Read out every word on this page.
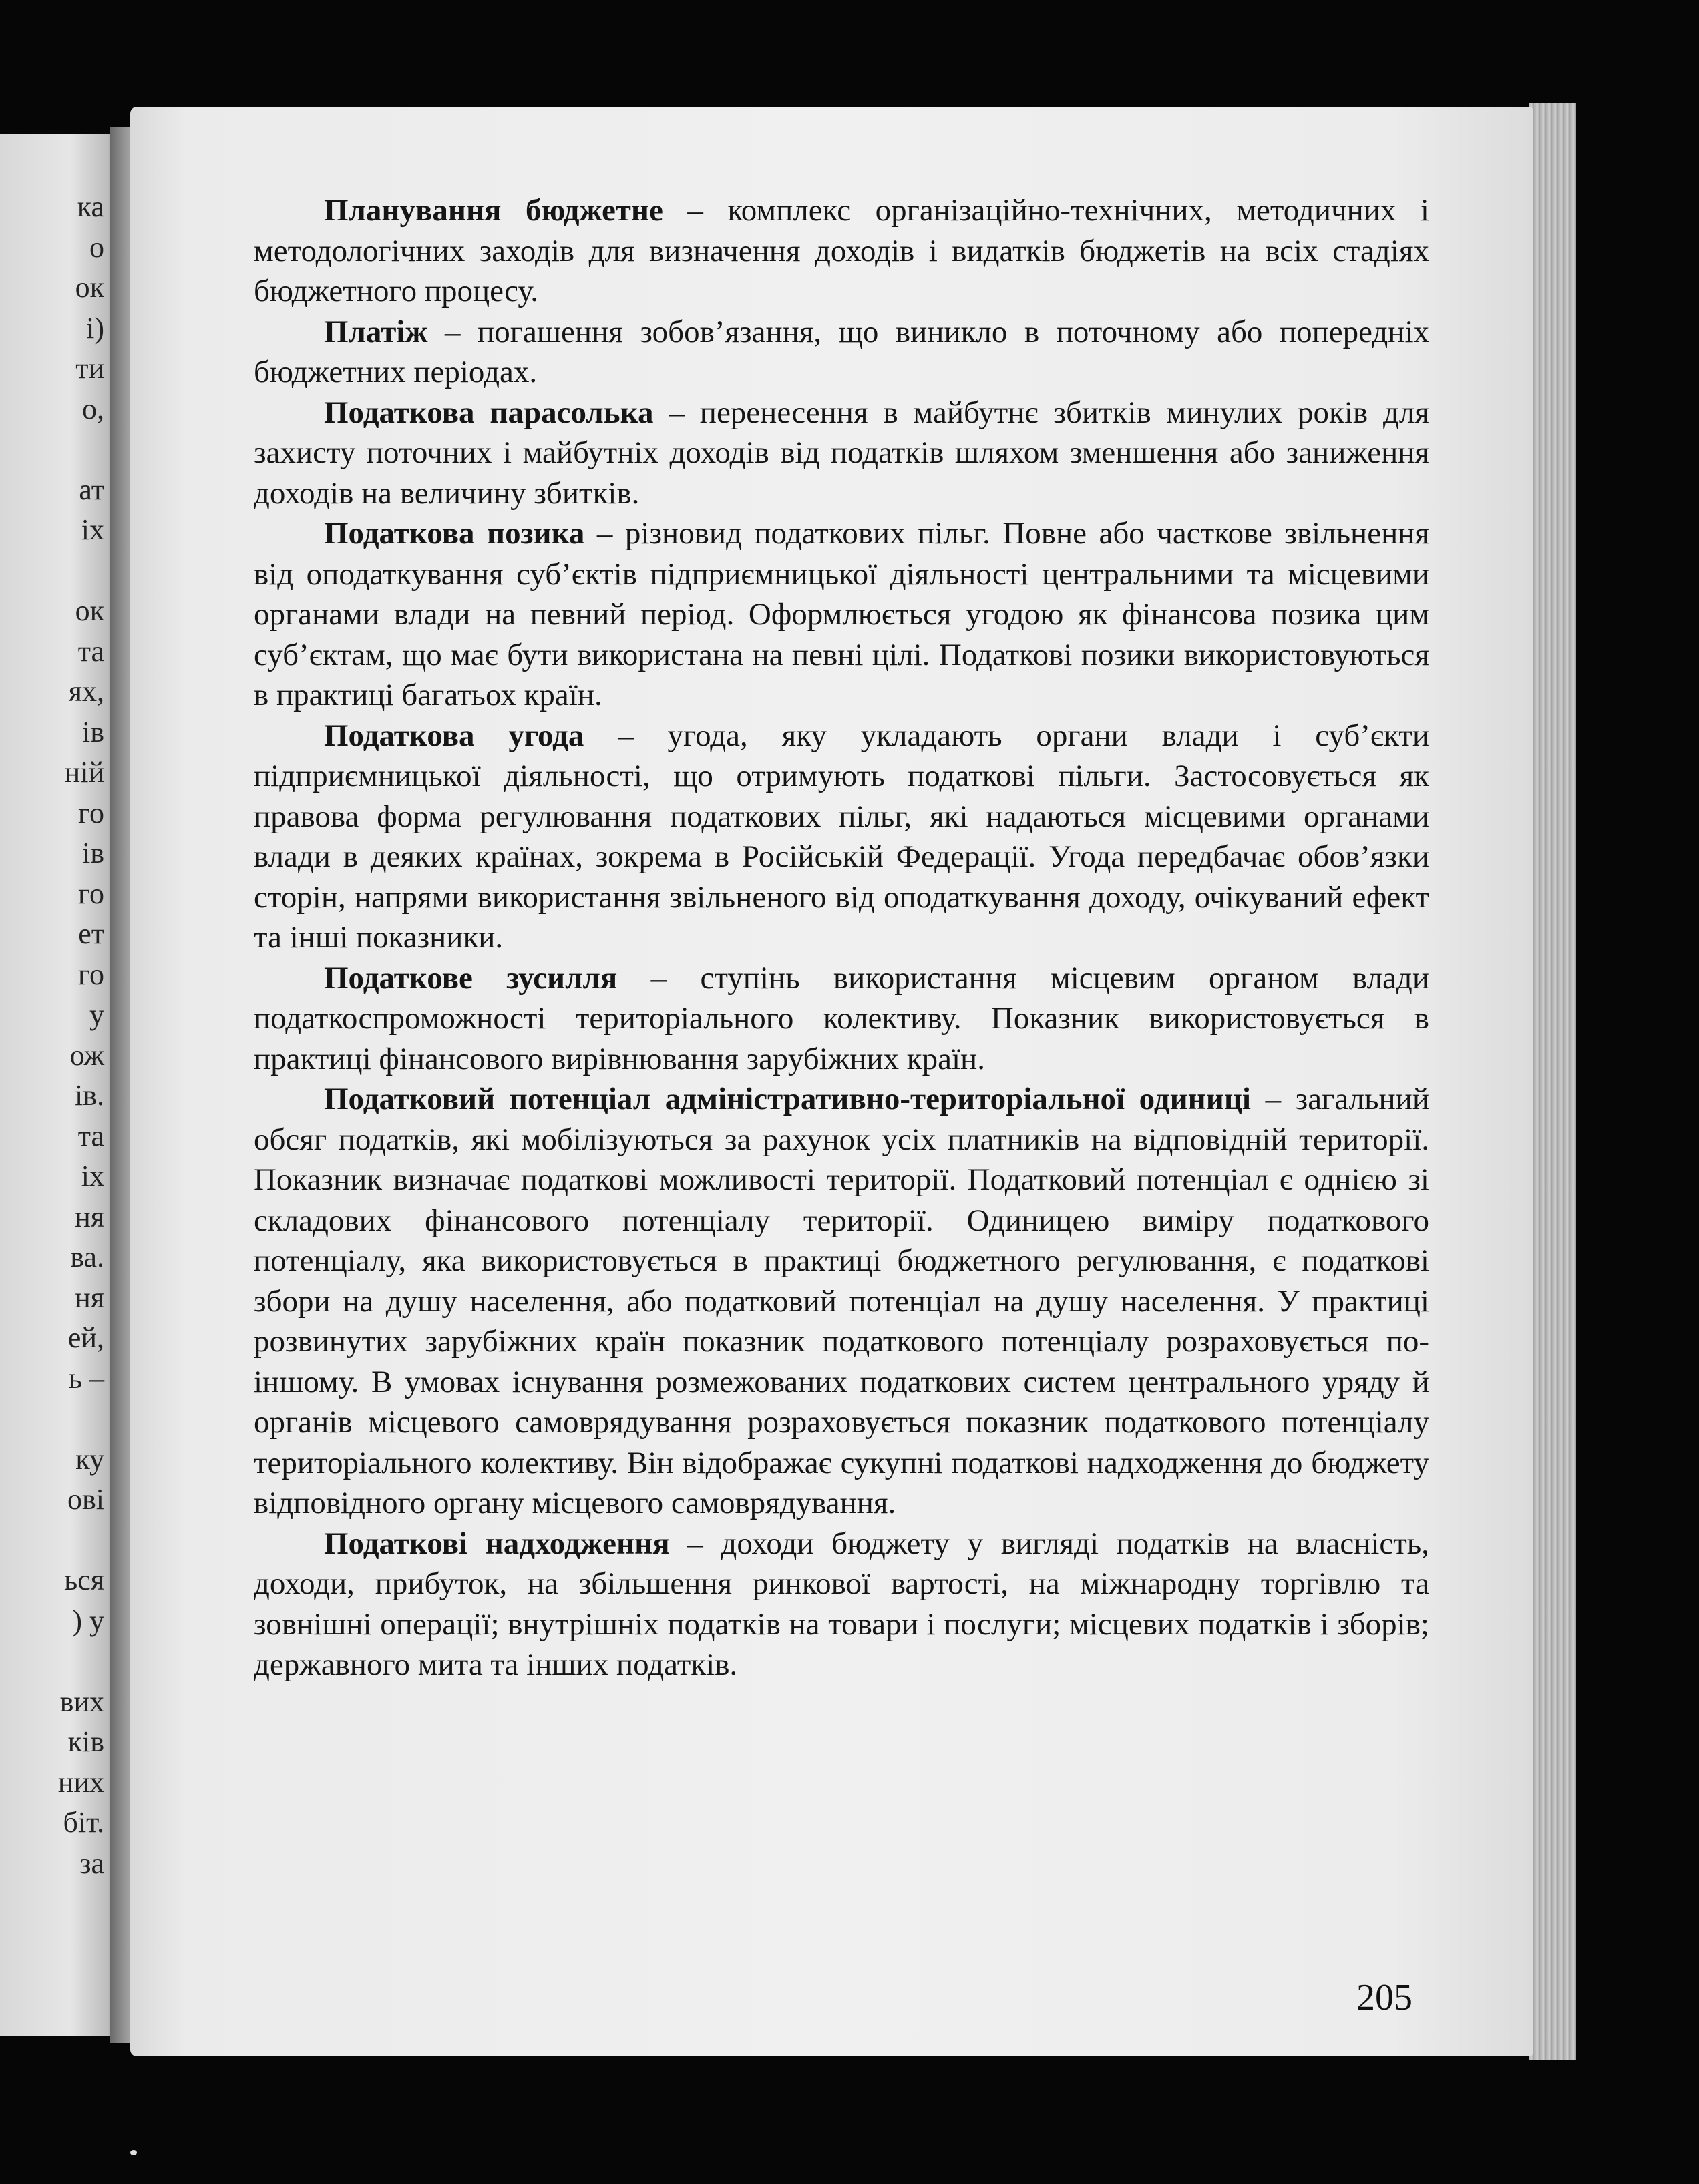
ка
о
ок
і)
ти
о,
ат
іх
ок
та
ях,
ів
ній
го
ів
го
ет
го
у
ож
ів.
та
іх
ня
ва.
ня
ей,
ь –
ку
ові
ься
) у
вих
ків
них
біт.
за

Планування бюджетне – комплекс організаційно-технічних, методичних і методологічних заходів для визначення доходів і видатків бюджетів на всіх стадіях бюджетного процесу.

Платіж – погашення зобов’язання, що виникло в поточному або попередніх бюджетних періодах.

Податкова парасолька – перенесення в майбутнє збитків минулих років для захисту поточних і майбутніх доходів від податків шляхом зменшення або заниження доходів на величину збитків.

Податкова позика – різновид податкових пільг. Повне або часткове звільнення від оподаткування суб’єктів підприємницької діяльності центральними та місцевими органами влади на певний період. Оформлюється угодою як фінансова позика цим суб’єктам, що має бути використана на певні цілі. Податкові позики використовуються в практиці багатьох країн.

Податкова угода – угода, яку укладають органи влади і суб’єкти підприємницької діяльності, що отримують податкові пільги. Застосовується як правова форма регулювання податкових пільг, які надаються місцевими органами влади в деяких країнах, зокрема в Російській Федерації. Угода передбачає обов’язки сторін, напрями використання звільненого від оподаткування доходу, очікуваний ефект та інші показники.

Податкове зусилля – ступінь використання місцевим органом влади податкоспроможності територіального колективу. Показник використовується в практиці фінансового вирівнювання зарубіжних країн.

Податковий потенціал адміністративно-територіальної одиниці – загальний обсяг податків, які мобілізуються за рахунок усіх платників на відповідній території. Показник визначає податкові можливості території. Податковий потенціал є однією зі складових фінансового потенціалу території. Одиницею виміру податкового потенціалу, яка використовується в практиці бюджетного регулювання, є податкові збори на душу населення, або податковий потенціал на душу населення. У практиці розвинутих зарубіжних країн показник податкового потенціалу розраховується по-іншому. В умовах існування розмежованих податкових систем центрального уряду й органів місцевого самоврядування розраховується показник податкового потенціалу територіального колективу. Він відображає сукупні податкові надходження до бюджету відповідного органу місцевого самоврядування.

Податкові надходження – доходи бюджету у вигляді податків на власність, доходи, прибуток, на збільшення ринкової вартості, на міжнародну торгівлю та зовнішні операції; внутрішніх податків на товари і послуги; місцевих податків і зборів; державного мита та інших податків.

205
